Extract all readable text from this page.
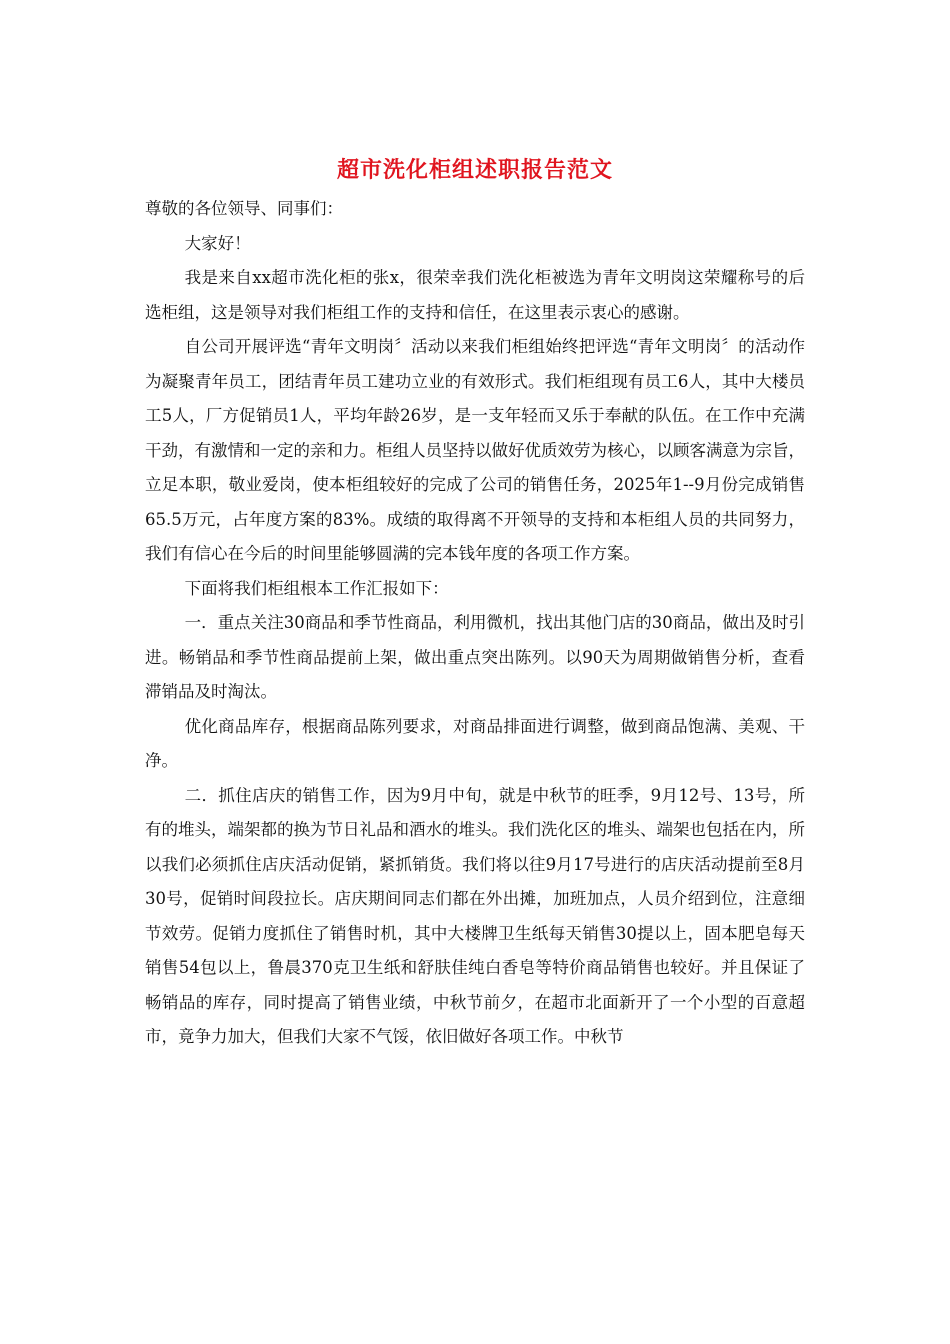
超市洗化柜组述职报告范文

尊敬的各位领导、同事们：

大家好！

我是来自xx超市洗化柜的张x，很荣幸我们洗化柜被选为青年文明岗这荣耀称号的后选柜组，这是领导对我们柜组工作的支持和信任，在这里表示衷心的感谢。

自公司开展评选“青年文明岗〞活动以来我们柜组始终把评选“青年文明岗〞的活动作为凝聚青年员工，团结青年员工建功立业的有效形式。我们柜组现有员工6人，其中大楼员工5人，厂方促销员1人，平均年龄26岁，是一支年轻而又乐于奉献的队伍。在工作中充满干劲，有激情和一定的亲和力。柜组人员坚持以做好优质效劳为核心，以顾客满意为宗旨，立足本职，敬业爱岗，使本柜组较好的完成了公司的销售任务，2025年1--9月份完成销售65.5万元，占年度方案的83%。成绩的取得离不开领导的支持和本柜组人员的共同努力，我们有信心在今后的时间里能够圆满的完本钱年度的各项工作方案。

下面将我们柜组根本工作汇报如下：

一．重点关注30商品和季节性商品，利用微机，找出其他门店的30商品，做出及时引进。畅销品和季节性商品提前上架，做出重点突出陈列。以90天为周期做销售分析，查看滞销品及时淘汰。

优化商品库存，根据商品陈列要求，对商品排面进行调整，做到商品饱满、美观、干净。

二．抓住店庆的销售工作，因为9月中旬，就是中秋节的旺季，9月12号、13号，所有的堆头，端架都的换为节日礼品和酒水的堆头。我们洗化区的堆头、端架也包括在内，所以我们必须抓住店庆活动促销，紧抓销货。我们将以往9月17号进行的店庆活动提前至8月30号，促销时间段拉长。店庆期间同志们都在外出摊，加班加点，人员介绍到位，注意细节效劳。促销力度抓住了销售时机，其中大楼牌卫生纸每天销售30提以上，固本肥皂每天销售54包以上，鲁晨370克卫生纸和舒肤佳纯白香皂等特价商品销售也较好。并且保证了畅销品的库存，同时提高了销售业绩，中秋节前夕，在超市北面新开了一个小型的百意超市，竟争力加大，但我们大家不气馁，依旧做好各项工作。中秋节
